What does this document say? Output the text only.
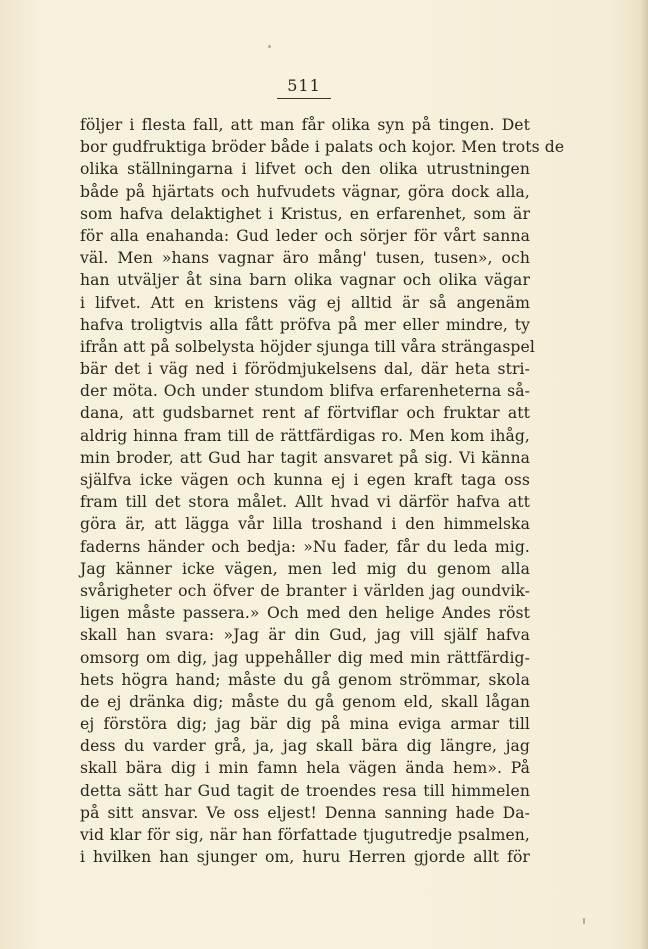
511
följer i flesta fall, att man får olika syn på tingen. Det
bor gudfruktiga bröder både i palats och kojor. Men trots de
olika ställningarna i lifvet och den olika utrustningen
både på hjärtats och hufvudets vägnar, göra dock alla,
som hafva delaktighet i Kristus, en erfarenhet, som är
för alla enahanda: Gud leder och sörjer för vårt sanna
väl. Men »hans vagnar äro mång' tusen, tusen», och
han utväljer åt sina barn olika vagnar och olika vägar
i lifvet. Att en kristens väg ej alltid är så angenäm
hafva troligtvis alla fått pröfva på mer eller mindre, ty
ifrån att på solbelysta höjder sjunga till våra strängaspel
bär det i väg ned i förödmjukelsens dal, där heta stri-
der möta. Och under stundom blifva erfarenheterna så-
dana, att gudsbarnet rent af förtviflar och fruktar att
aldrig hinna fram till de rättfärdigas ro. Men kom ihåg,
min broder, att Gud har tagit ansvaret på sig. Vi känna
själfva icke vägen och kunna ej i egen kraft taga oss
fram till det stora målet. Allt hvad vi därför hafva att
göra är, att lägga vår lilla troshand i den himmelska
faderns händer och bedja: »Nu fader, får du leda mig.
Jag känner icke vägen, men led mig du genom alla
svårigheter och öfver de branter i världen jag oundvik-
ligen måste passera.» Och med den helige Andes röst
skall han svara: »Jag är din Gud, jag vill själf hafva
omsorg om dig, jag uppehåller dig med min rättfärdig-
hets högra hand; måste du gå genom strömmar, skola
de ej dränka dig; måste du gå genom eld, skall lågan
ej förstöra dig; jag bär dig på mina eviga armar till
dess du varder grå, ja, jag skall bära dig längre, jag
skall bära dig i min famn hela vägen ända hem». På
detta sätt har Gud tagit de troendes resa till himmelen
på sitt ansvar. Ve oss eljest! Denna sanning hade Da-
vid klar för sig, när han författade tjugutredje psalmen,
i hvilken han sjunger om, huru Herren gjorde allt för
